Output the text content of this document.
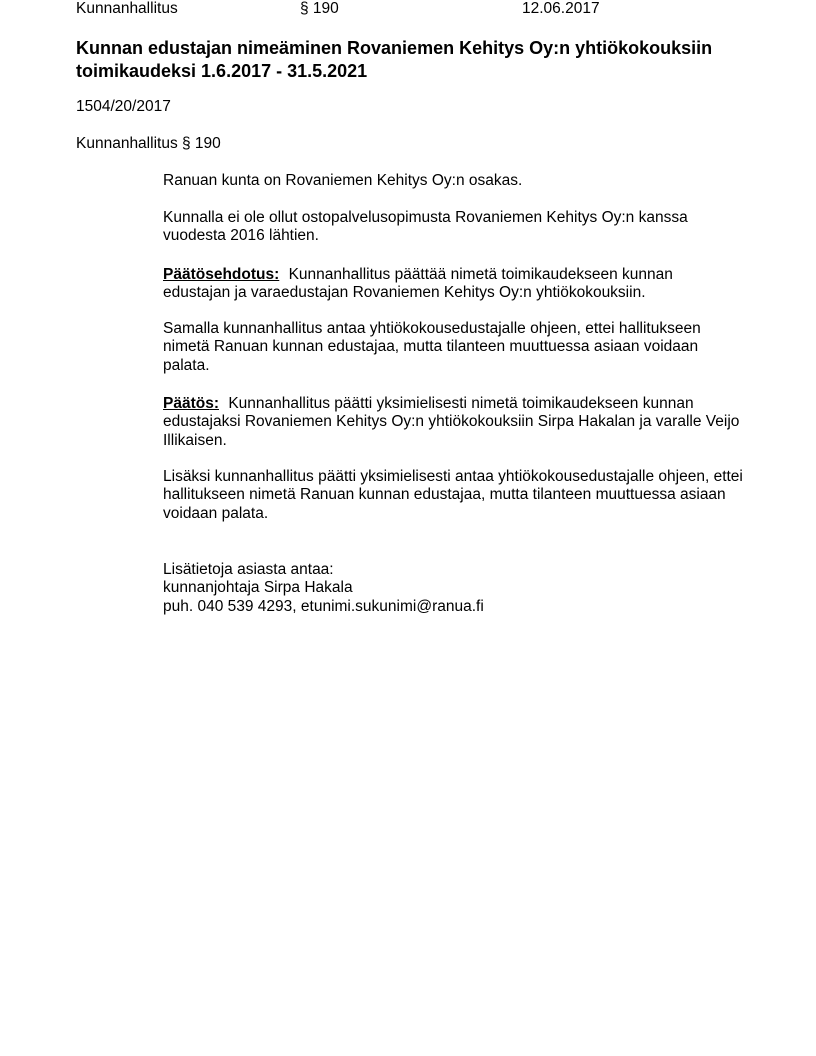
Kunnanhallitus	§ 190	12.06.2017
Kunnan edustajan nimeäminen Rovaniemen Kehitys Oy:n yhtiökokouksiin toimikaudeksi 1.6.2017 - 31.5.2021
1504/20/2017
Kunnanhallitus § 190
Ranuan kunta on Rovaniemen Kehitys Oy:n osakas.
Kunnalla ei ole ollut ostopalvelusopimusta Rovaniemen Kehitys Oy:n kanssa vuodesta 2016 lähtien.
Päätösehdotus: Kunnanhallitus päättää nimetä toimikaudekseen kunnan edustajan ja varaedustajan Rovaniemen Kehitys Oy:n yhtiökokouksiin.
Samalla kunnanhallitus antaa yhtiökokousedustajalle ohjeen, ettei hallitukseen nimetä Ranuan kunnan edustajaa, mutta tilanteen muuttuessa asiaan voidaan palata.
Päätös: Kunnanhallitus päätti yksimielisesti nimetä toimikaudekseen kunnan edustajaksi Rovaniemen Kehitys Oy:n yhtiökokouksiin Sirpa Hakalan ja varalle Veijo Illikaisen.
Lisäksi kunnanhallitus päätti yksimielisesti antaa yhtiökokousedustajalle ohjeen, ettei hallitukseen nimetä Ranuan kunnan edustajaa, mutta tilanteen muuttuessa asiaan voidaan palata.
Lisätietoja asiasta antaa:
kunnanjohtaja Sirpa Hakala
puh. 040 539 4293, etunimi.sukunimi@ranua.fi
